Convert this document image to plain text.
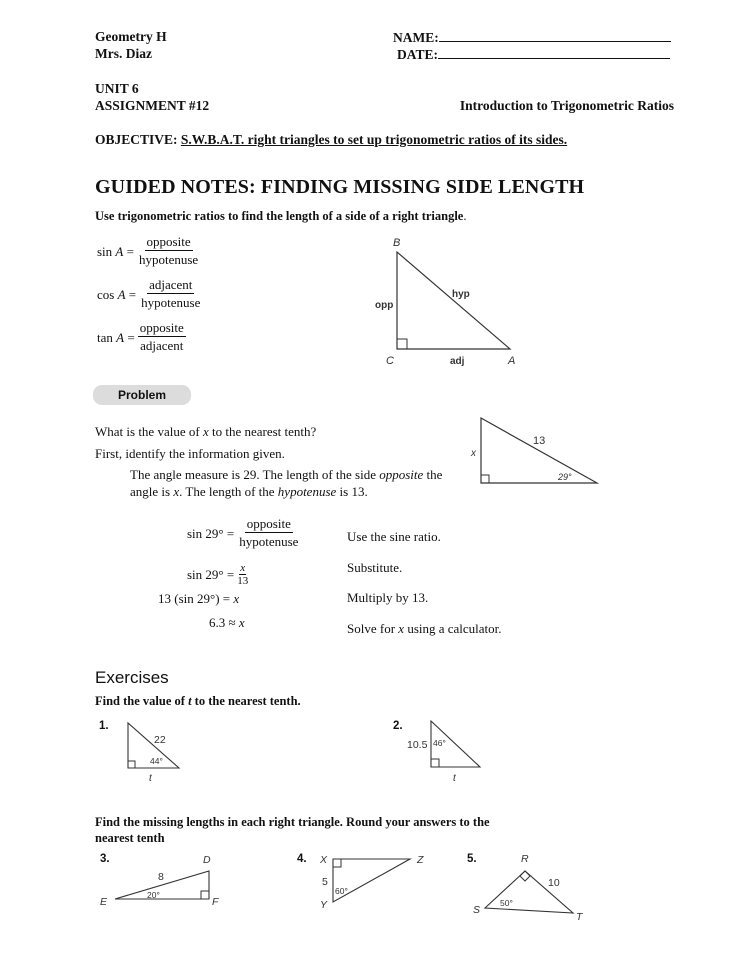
Geometry H
Mrs. Diaz
NAME:
DATE:
UNIT 6
ASSIGNMENT #12	Introduction to Trigonometric Ratios
OBJECTIVE: S.W.B.A.T. right triangles to set up trigonometric ratios of its sides.
GUIDED NOTES: FINDING MISSING SIDE LENGTH
Use trigonometric ratios to find the length of a side of a right triangle.
$\sin A = \frac{\text{opposite}}{\text{hypotenuse}}$
$\cos A = \frac{\text{adjacent}}{\text{hypotenuse}}$
$\tan A = \frac{\text{opposite}}{\text{adjacent}}$
B
C	A
opp
adj
hyp
Problem
What is the value of x to the nearest tenth?
First, identify the information given.
The angle measure is 29. The length of the side opposite the
angle is x. The length of the hypotenuse is 13.
x
13
29°
$\sin 29^\circ = \frac{\text{opposite}}{\text{hypotenuse}}$	Use the sine ratio.
$\sin 29^\circ = \frac{x}{13}$	Substitute.
13 (sin 29°) = x	Multiply by 13.
6.3 ≈ x	Solve for x using a calculator.
Exercises
Find the value of t to the nearest tenth.
1.
22
44°
t
2.
10.5 46°
t
Find the missing lengths in each right triangle. Round your answers to the
nearest tenth
3.	D
E	F
8
20°
4. X
Y
Z
5
60°
5.	R
S
T
10
50°
